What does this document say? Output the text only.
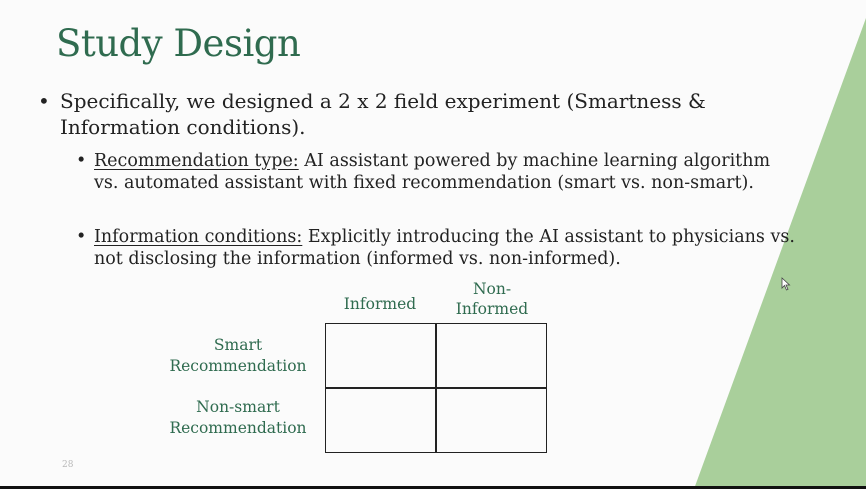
Study Design
• Specifically, we designed a 2 x 2 field experiment (Smartness & Information conditions).
• Recommendation type: AI assistant powered by machine learning algorithm vs. automated assistant with fixed recommendation (smart vs. non-smart).
• Information conditions: Explicitly introducing the AI assistant to physicians vs. not disclosing the information (informed vs. non-informed).
Informed
Non-
Informed
Smart
Recommendation
Non-smart
Recommendation
28
